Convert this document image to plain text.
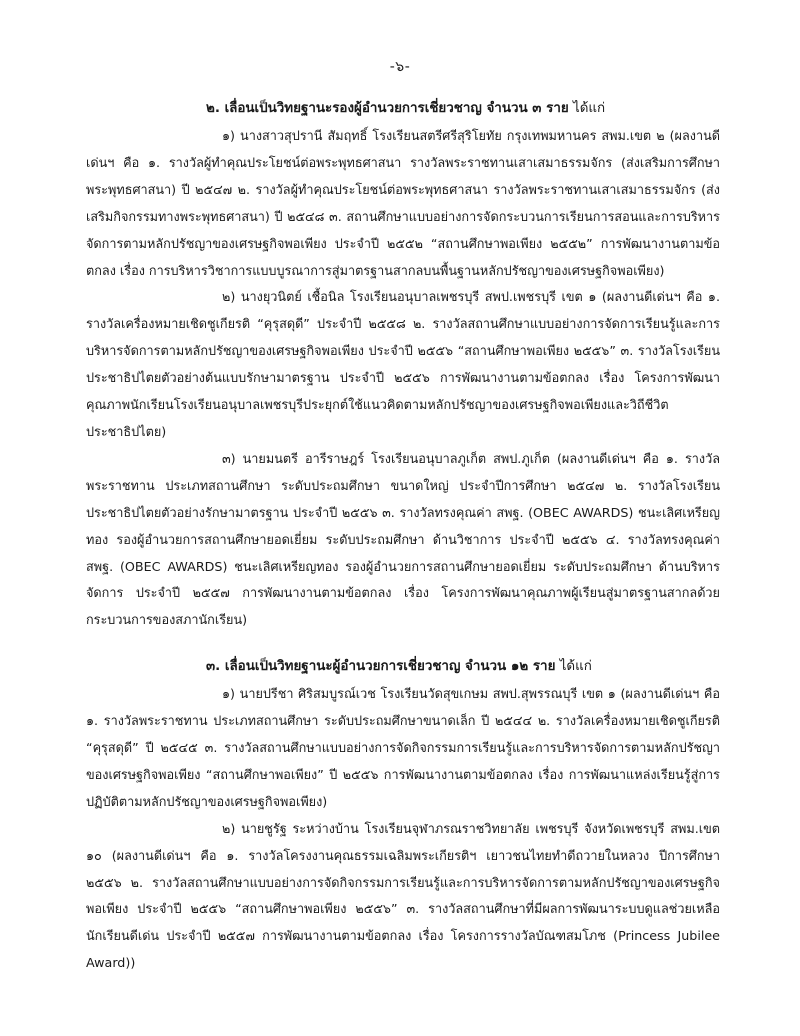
-๖-
๒. เลื่อนเป็นวิทยฐานะรองผู้อำนวยการเชี่ยวชาญ จำนวน ๓ ราย ได้แก่

๑) นางสาวสุปรานี สัมฤทธิ์ โรงเรียนสตรีศรีสุริโยทัย กรุงเทพมหานคร สพม.เขต ๒ (ผลงานดีเด่นฯ คือ ๑. รางวัลผู้ทำคุณประโยชน์ต่อพระพุทธศาสนา รางวัลพระราชทานเสาเสมาธรรมจักร (ส่งเสริมการศึกษาพระพุทธศาสนา) ปี ๒๕๔๗ ๒. รางวัลผู้ทำคุณประโยชน์ต่อพระพุทธศาสนา รางวัลพระราชทานเสาเสมาธรรมจักร (ส่งเสริมกิจกรรมทางพระพุทธศาสนา) ปี ๒๕๔๘ ๓. สถานศึกษาแบบอย่างการจัดกระบวนการเรียนการสอนและการบริหารจัดการตามหลักปรัชญาของเศรษฐกิจพอเพียง ประจำปี ๒๕๕๒ “สถานศึกษาพอเพียง ๒๕๕๒” การพัฒนางานตามข้อตกลง เรื่อง การบริหารวิชาการแบบบูรณาการสู่มาตรฐานสากลบนพื้นฐานหลักปรัชญาของเศรษฐกิจพอเพียง)

๒) นางยุวนิตย์ เชื้อนิล โรงเรียนอนุบาลเพชรบุรี สพป.เพชรบุรี เขต ๑ (ผลงานดีเด่นฯ คือ ๑. รางวัลเครื่องหมายเชิดชูเกียรติ “คุรุสดุดี” ประจำปี ๒๕๕๘ ๒. รางวัลสถานศึกษาแบบอย่างการจัดการเรียนรู้และการบริหารจัดการตามหลักปรัชญาของเศรษฐกิจพอเพียง ประจำปี ๒๕๕๖ “สถานศึกษาพอเพียง ๒๕๕๖” ๓. รางวัลโรงเรียนประชาธิปไตยตัวอย่างต้นแบบรักษามาตรฐาน ประจำปี ๒๕๕๖ การพัฒนางานตามข้อตกลง เรื่อง โครงการพัฒนาคุณภาพนักเรียนโรงเรียนอนุบาลเพชรบุรีประยุกต์ใช้แนวคิดตามหลักปรัชญาของเศรษฐกิจพอเพียงและวิถีชีวิตประชาธิปไตย)

๓) นายมนตรี อารีราษฎร์ โรงเรียนอนุบาลภูเก็ต สพป.ภูเก็ต (ผลงานดีเด่นฯ คือ ๑. รางวัลพระราชทาน ประเภทสถานศึกษา ระดับประถมศึกษา ขนาดใหญ่ ประจำปีการศึกษา ๒๕๔๗ ๒. รางวัลโรงเรียนประชาธิปไตยตัวอย่างรักษามาตรฐาน ประจำปี ๒๕๕๖ ๓. รางวัลทรงคุณค่า สพฐ. (OBEC AWARDS) ชนะเลิศเหรียญทอง รองผู้อำนวยการสถานศึกษายอดเยี่ยม ระดับประถมศึกษา ด้านวิชาการ ประจำปี ๒๕๕๖ ๔. รางวัลทรงคุณค่า สพฐ. (OBEC AWARDS) ชนะเลิศเหรียญทอง รองผู้อำนวยการสถานศึกษายอดเยี่ยม ระดับประถมศึกษา ด้านบริหารจัดการ ประจำปี ๒๕๕๗ การพัฒนางานตามข้อตกลง เรื่อง โครงการพัฒนาคุณภาพผู้เรียนสู่มาตรฐานสากลด้วยกระบวนการของสภานักเรียน)

๓. เลื่อนเป็นวิทยฐานะผู้อำนวยการเชี่ยวชาญ จำนวน ๑๒ ราย ได้แก่

๑) นายปรีชา ศิริสมบูรณ์เวช โรงเรียนวัดสุขเกษม สพป.สุพรรณบุรี เขต ๑ (ผลงานดีเด่นฯ คือ ๑. รางวัลพระราชทาน ประเภทสถานศึกษา ระดับประถมศึกษาขนาดเล็ก ปี ๒๕๔๔ ๒. รางวัลเครื่องหมายเชิดชูเกียรติ “คุรุสดุดี” ปี ๒๕๔๕ ๓. รางวัลสถานศึกษาแบบอย่างการจัดกิจกรรมการเรียนรู้และการบริหารจัดการตามหลักปรัชญาของเศรษฐกิจพอเพียง “สถานศึกษาพอเพียง” ปี ๒๕๕๖ การพัฒนางานตามข้อตกลง เรื่อง การพัฒนาแหล่งเรียนรู้สู่การปฏิบัติตามหลักปรัชญาของเศรษฐกิจพอเพียง)

๒) นายชูรัฐ ระหว่างบ้าน โรงเรียนจุฬาภรณราชวิทยาลัย เพชรบุรี จังหวัดเพชรบุรี สพม.เขต ๑๐ (ผลงานดีเด่นฯ คือ ๑. รางวัลโครงงานคุณธรรมเฉลิมพระเกียรติฯ เยาวชนไทยทำดีถวายในหลวง ปีการศึกษา ๒๕๕๖ ๒. รางวัลสถานศึกษาแบบอย่างการจัดกิจกรรมการเรียนรู้และการบริหารจัดการตามหลักปรัชญาของเศรษฐกิจพอเพียง ประจำปี ๒๕๕๖ “สถานศึกษาพอเพียง ๒๕๕๖” ๓. รางวัลสถานศึกษาที่มีผลการพัฒนาระบบดูแลช่วยเหลือนักเรียนดีเด่น ประจำปี ๒๕๕๗ การพัฒนางานตามข้อตกลง เรื่อง โครงการรางวัลบัณฑสมโภช (Princess Jubilee Award))
